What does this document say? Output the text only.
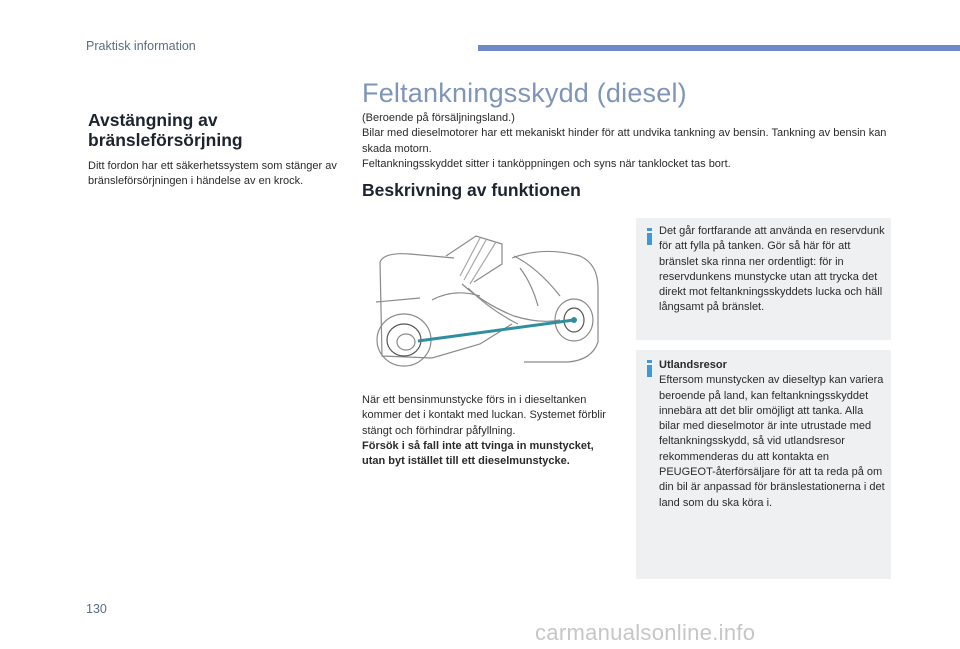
Praktisk information
Avstängning av
bränsleförsörjning
Ditt fordon har ett säkerhetssystem som stänger av bränsleförsörjningen i händelse av en krock.
Feltankningsskydd (diesel)

(Beroende på försäljningsland.)

Bilar med dieselmotorer har ett mekaniskt hinder för att undvika tankning av bensin. Tankning av bensin kan skada motorn.

Feltankningsskyddet sitter i tanköppningen och syns när tanklocket tas bort.

Beskrivning av funktionen

När ett bensinmunstycke förs in i dieseltanken kommer det i kontakt med luckan. Systemet förblir stängt och förhindrar påfyllning.

Försök i så fall inte att tvinga in munstycket, utan byt istället till ett dieselmunstycke.

Det går fortfarande att använda en reservdunk för att fylla på tanken. Gör så här för att bränslet ska rinna ner ordentligt: för in reservdunkens munstycke utan att trycka det direkt mot feltankningsskyddets lucka och häll långsamt på bränslet.

Utlandsresor

Eftersom munstycken av dieseltyp kan variera beroende på land, kan feltankningsskyddet innebära att det blir omöjligt att tanka. Alla bilar med dieselmotor är inte utrustade med feltankningsskydd, så vid utlandsresor rekommenderas du att kontakta en PEUGEOT-återförsäljare för att ta reda på om din bil är anpassad för bränslestationerna i det land som du ska köra i.

130
carmanualsonline.info
